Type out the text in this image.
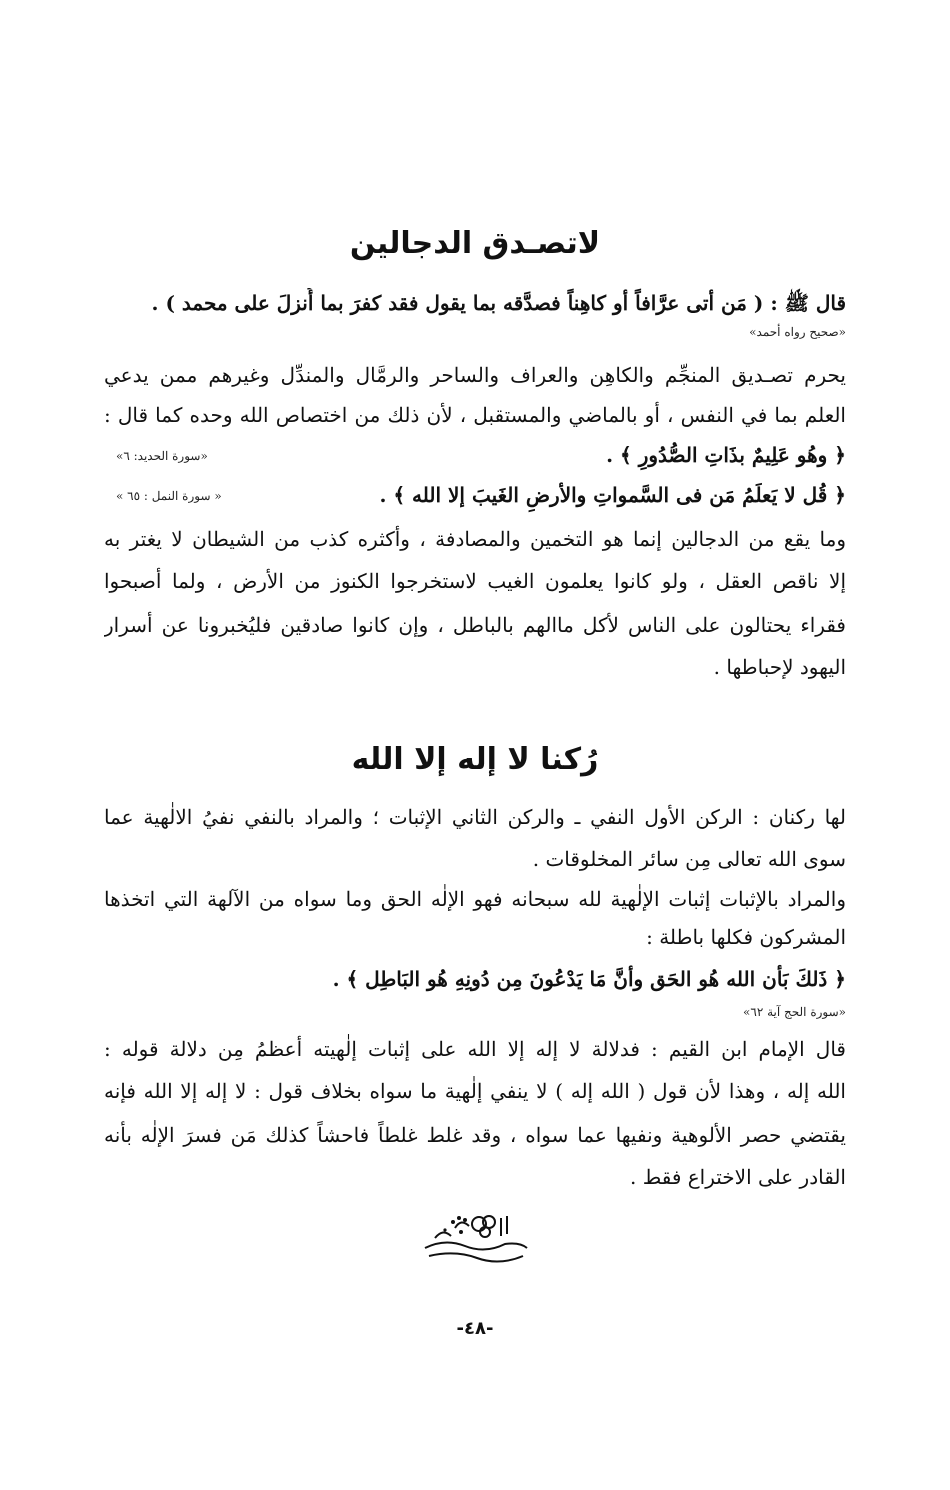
لاتصـدق الدجالين
قال ﷺ : ( مَن أتى عرَّافاً أو كاهِناً فصدَّقه بما يقول فقد كفرَ بما أُنزلَ على محمد ) .
«صحيح رواه أحمد»
يحرم تصـديق المنجِّم والكاهِن والعراف والساحر والرمَّال والمندِّل وغيرهم ممن يدعي
العلم بما في النفس ، أو بالماضي والمستقبل ، لأن ذلك من اختصاص الله وحده كما قال :
﴿ وهُو عَلِيمٌ بذَاتِ الصُّدُورِ ﴾ .
«سورة الحديد: ٦»
﴿ قُل لا يَعلَمُ مَن فى السَّمواتِ والأرضِ الغَيبَ إلا الله ﴾ .
« سورة النمل : ٦٥ »
وما يقع من الدجالين إنما هو التخمين والمصادفة ، وأكثره كذب من الشيطان لا يغتر به
إلا ناقص العقل ، ولو كانوا يعلمون الغيب لاستخرجوا الكنوز من الأرض ، ولما أصبحوا
فقراء يحتالون على الناس لأكل ماالهم بالباطل ، وإن كانوا صادقين فليُخبرونا عن أسرار
اليهود لإحباطها .
رُكنا لا إله إلا الله
لها ركنان : الركن الأول النفي ـ والركن الثاني الإثبات ؛ والمراد بالنفي نفيُ الالٰهية عما
سوى الله تعالى مِن سائر المخلوقات .
والمراد بالإثبات إثبات الإلٰهية لله سبحانه فهو الإلٰه الحق وما سواه من الآلهة التي اتخذها
المشركون فكلها باطلة :
﴿ ذَلكَ بَأن الله هُو الحَق وأنَّ مَا يَدْعُونَ مِن دُونِهِ هُو البَاطِل ﴾ .
«سورة الحج آية ٦٢»
قال الإمام ابن القيم : فدلالة لا إله إلا الله على إثبات إلٰهيته أعظمُ مِن دلالة قوله :
الله إله ، وهذا لأن قول ( الله إله ) لا ينفي إلٰهية ما سواه بخلاف قول : لا إله إلا الله فإنه
يقتضي حصر الألوهية ونفيها عما سواه ، وقد غلط غلطاً فاحشاً كذلك مَن فسرَ الإلٰه بأنه
القادر على الاختراع فقط .
-٤٨-
